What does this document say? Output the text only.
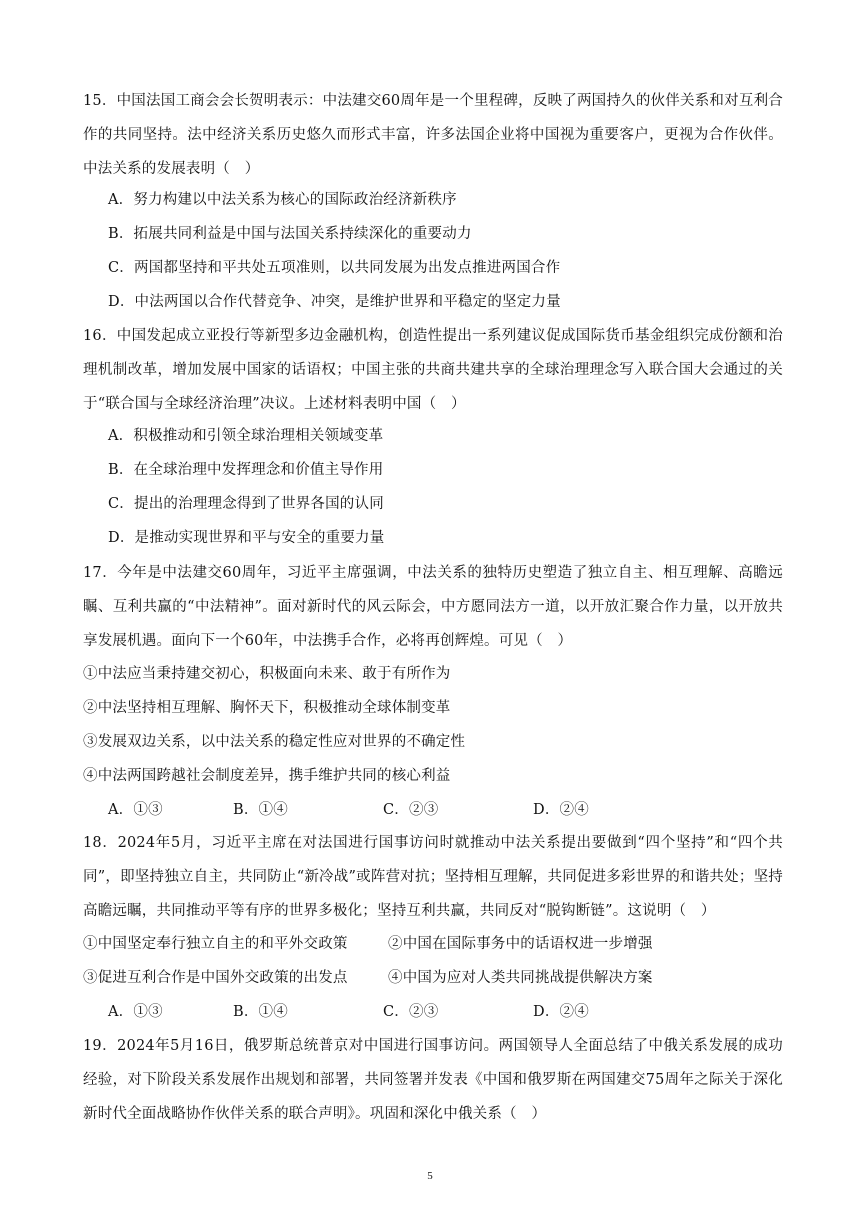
15．中国法国工商会会长贺明表示：中法建交60周年是一个里程碑，反映了两国持久的伙伴关系和对互利合作的共同坚持。法中经济关系历史悠久而形式丰富，许多法国企业将中国视为重要客户，更视为合作伙伴。中法关系的发展表明（　）
A．努力构建以中法关系为核心的国际政治经济新秩序
B．拓展共同利益是中国与法国关系持续深化的重要动力
C．两国都坚持和平共处五项准则，以共同发展为出发点推进两国合作
D．中法两国以合作代替竞争、冲突，是维护世界和平稳定的坚定力量
16．中国发起成立亚投行等新型多边金融机构，创造性提出一系列建议促成国际货币基金组织完成份额和治理机制改革，增加发展中国家的话语权；中国主张的共商共建共享的全球治理理念写入联合国大会通过的关于“联合国与全球经济治理”决议。上述材料表明中国（　）
A．积极推动和引领全球治理相关领域变革
B．在全球治理中发挥理念和价值主导作用
C．提出的治理理念得到了世界各国的认同
D．是推动实现世界和平与安全的重要力量
17．今年是中法建交60周年，习近平主席强调，中法关系的独特历史塑造了独立自主、相互理解、高瞻远瞩、互利共赢的“中法精神”。面对新时代的风云际会，中方愿同法方一道，以开放汇聚合作力量，以开放共享发展机遇。面向下一个60年，中法携手合作，必将再创辉煌。可见（　）
①中法应当秉持建交初心，积极面向未来、敢于有所作为
②中法坚持相互理解、胸怀天下，积极推动全球体制变革
③发展双边关系，以中法关系的稳定性应对世界的不确定性
④中法两国跨越社会制度差异，携手维护共同的核心利益
A．①③	B．①④	C．②③	D．②④
18．2024年5月，习近平主席在对法国进行国事访问时就推动中法关系提出要做到“四个坚持”和“四个共同”，即坚持独立自主，共同防止“新冷战”或阵营对抗；坚持相互理解，共同促进多彩世界的和谐共处；坚持高瞻远瞩，共同推动平等有序的世界多极化；坚持互利共赢，共同反对“脱钩断链”。这说明（　）
①中国坚定奉行独立自主的和平外交政策	②中国在国际事务中的话语权进一步增强
③促进互利合作是中国外交政策的出发点	④中国为应对人类共同挑战提供解决方案
A．①③	B．①④	C．②③	D．②④
19．2024年5月16日，俄罗斯总统普京对中国进行国事访问。两国领导人全面总结了中俄关系发展的成功经验，对下阶段关系发展作出规划和部署，共同签署并发表《中国和俄罗斯在两国建交75周年之际关于深化新时代全面战略协作伙伴关系的联合声明》。巩固和深化中俄关系（　）
5
